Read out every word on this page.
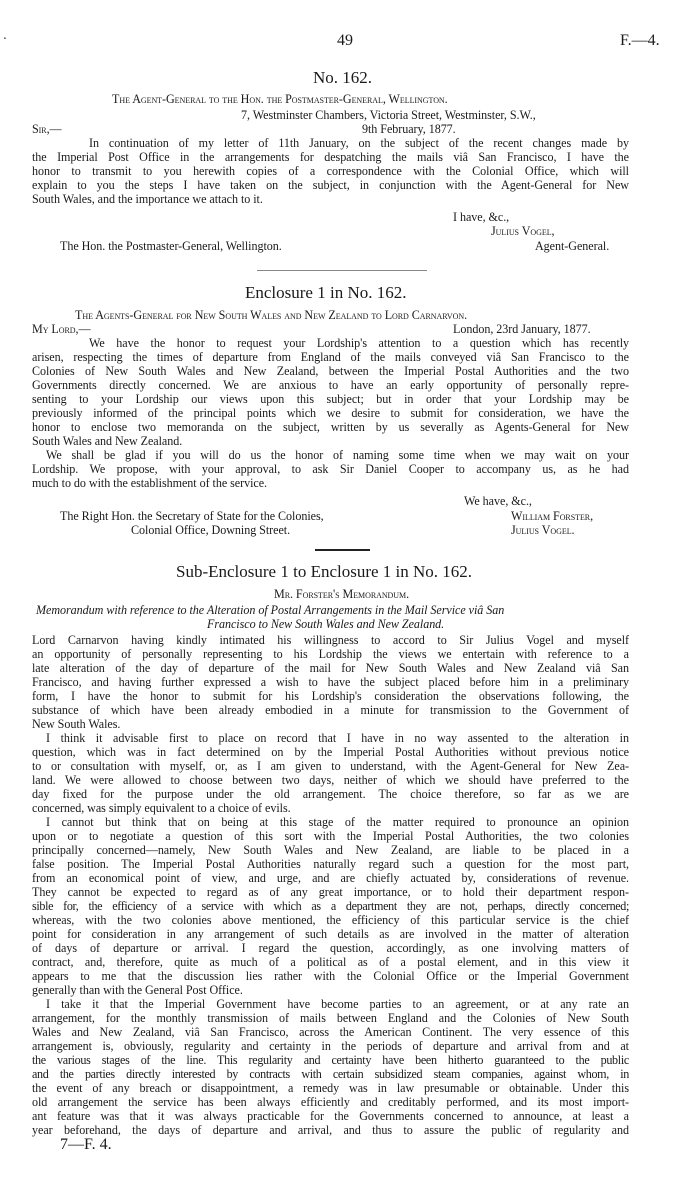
.	49	F.—4.
No. 162.
The Agent-General to the Hon. the Postmaster-General, Wellington.
7, Westminster Chambers, Victoria Street, Westminster, S.W.,
Sir,—	9th February, 1877.
In continuation of my letter of 11th January, on the subject of the recent changes made by
the Imperial Post Office in the arrangements for despatching the mails viâ San Francisco, I have the
honor to transmit to you herewith copies of a correspondence with the Colonial Office, which will
explain to you the steps I have taken on the subject, in conjunction with the Agent-General for New
South Wales, and the importance we attach to it.
I have, &c.,
Julius Vogel,
The Hon. the Postmaster-General, Wellington.	Agent-General.
Enclosure 1 in No. 162.
The Agents-General for New South Wales and New Zealand to Lord Carnarvon.
My Lord,—	London, 23rd January, 1877.
We have the honor to request your Lordship's attention to a question which has recently
arisen, respecting the times of departure from England of the mails conveyed viâ San Francisco to the
Colonies of New South Wales and New Zealand, between the Imperial Postal Authorities and the two
Governments directly concerned. We are anxious to have an early opportunity of personally repre-
senting to your Lordship our views upon this subject; but in order that your Lordship may be
previously informed of the principal points which we desire to submit for consideration, we have the
honor to enclose two memoranda on the subject, written by us severally as Agents-General for New
South Wales and New Zealand.
We shall be glad if you will do us the honor of naming some time when we may wait on your
Lordship. We propose, with your approval, to ask Sir Daniel Cooper to accompany us, as he had
much to do with the establishment of the service.
We have, &c.,
The Right Hon. the Secretary of State for the Colonies,	William Forster,
Colonial Office, Downing Street.	Julius Vogel.
Sub-Enclosure 1 to Enclosure 1 in No. 162.
Mr. Forster's Memorandum.
Memorandum with reference to the Alteration of Postal Arrangements in the Mail Service viâ San
Francisco to New South Wales and New Zealand.
Lord Carnarvon having kindly intimated his willingness to accord to Sir Julius Vogel and myself
an opportunity of personally representing to his Lordship the views we entertain with reference to a
late alteration of the day of departure of the mail for New South Wales and New Zealand viâ San
Francisco, and having further expressed a wish to have the subject placed before him in a preliminary
form, I have the honor to submit for his Lordship's consideration the observations following, the
substance of which have been already embodied in a minute for transmission to the Government of
New South Wales.
I think it advisable first to place on record that I have in no way assented to the alteration in
question, which was in fact determined on by the Imperial Postal Authorities without previous notice
to or consultation with myself, or, as I am given to understand, with the Agent-General for New Zea-
land. We were allowed to choose between two days, neither of which we should have preferred to the
day fixed for the purpose under the old arrangement. The choice therefore, so far as we are
concerned, was simply equivalent to a choice of evils.
I cannot but think that on being at this stage of the matter required to pronounce an opinion
upon or to negotiate a question of this sort with the Imperial Postal Authorities, the two colonies
principally concerned—namely, New South Wales and New Zealand, are liable to be placed in a
false position. The Imperial Postal Authorities naturally regard such a question for the most part,
from an economical point of view, and urge, and are chiefly actuated by, considerations of revenue.
They cannot be expected to regard as of any great importance, or to hold their department respon-
sible for, the efficiency of a service with which as a department they are not, perhaps, directly concerned;
whereas, with the two colonies above mentioned, the efficiency of this particular service is the chief
point for consideration in any arrangement of such details as are involved in the matter of alteration
of days of departure or arrival. I regard the question, accordingly, as one involving matters of
contract, and, therefore, quite as much of a political as of a postal element, and in this view it
appears to me that the discussion lies rather with the Colonial Office or the Imperial Government
generally than with the General Post Office.
I take it that the Imperial Government have become parties to an agreement, or at any rate an
arrangement, for the monthly transmission of mails between England and the Colonies of New South
Wales and New Zealand, viâ San Francisco, across the American Continent. The very essence of this
arrangement is, obviously, regularity and certainty in the periods of departure and arrival from and at
the various stages of the line. This regularity and certainty have been hitherto guaranteed to the public
and the parties directly interested by contracts with certain subsidized steam companies, against whom, in
the event of any breach or disappointment, a remedy was in law presumable or obtainable. Under this
old arrangement the service has been always efficiently and creditably performed, and its most import-
ant feature was that it was always practicable for the Governments concerned to announce, at least a
year beforehand, the days of departure and arrival, and thus to assure the public of regularity and
7—F. 4.
